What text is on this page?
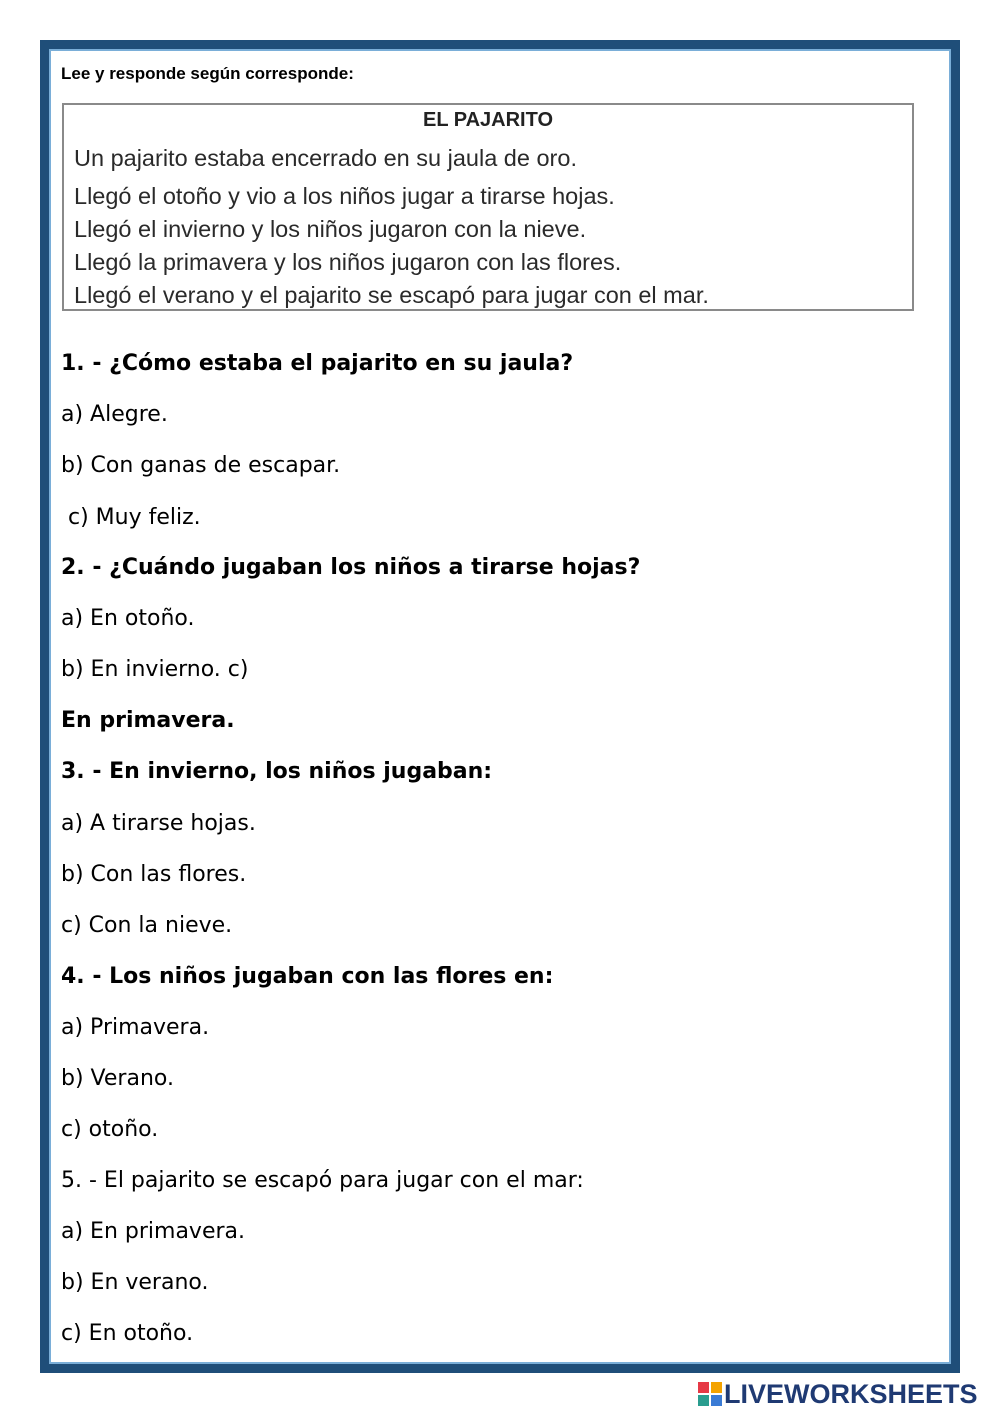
Lee y responde según corresponde:
EL PAJARITO
Un pajarito estaba encerrado en su jaula de oro.
Llegó el otoño y vio a los niños jugar a tirarse hojas.
Llegó el invierno y los niños jugaron con la nieve.
Llegó la primavera y los niños jugaron con las flores.
Llegó el verano y el pajarito se escapó para jugar con el mar.
1. - ¿Cómo estaba el pajarito en su jaula?
a) Alegre.
b) Con ganas de escapar.
c) Muy feliz.
2. - ¿Cuándo jugaban los niños a tirarse hojas?
a) En otoño.
b) En invierno. c)
En primavera.
3. - En invierno, los niños jugaban:
a) A tirarse hojas.
b) Con las flores.
c) Con la nieve.
4. - Los niños jugaban con las flores en:
a) Primavera.
b) Verano.
c) otoño.
5. - El pajarito se escapó para jugar con el mar:
a) En primavera.
b) En verano.
c) En otoño.
LIVEWORKSHEETS
